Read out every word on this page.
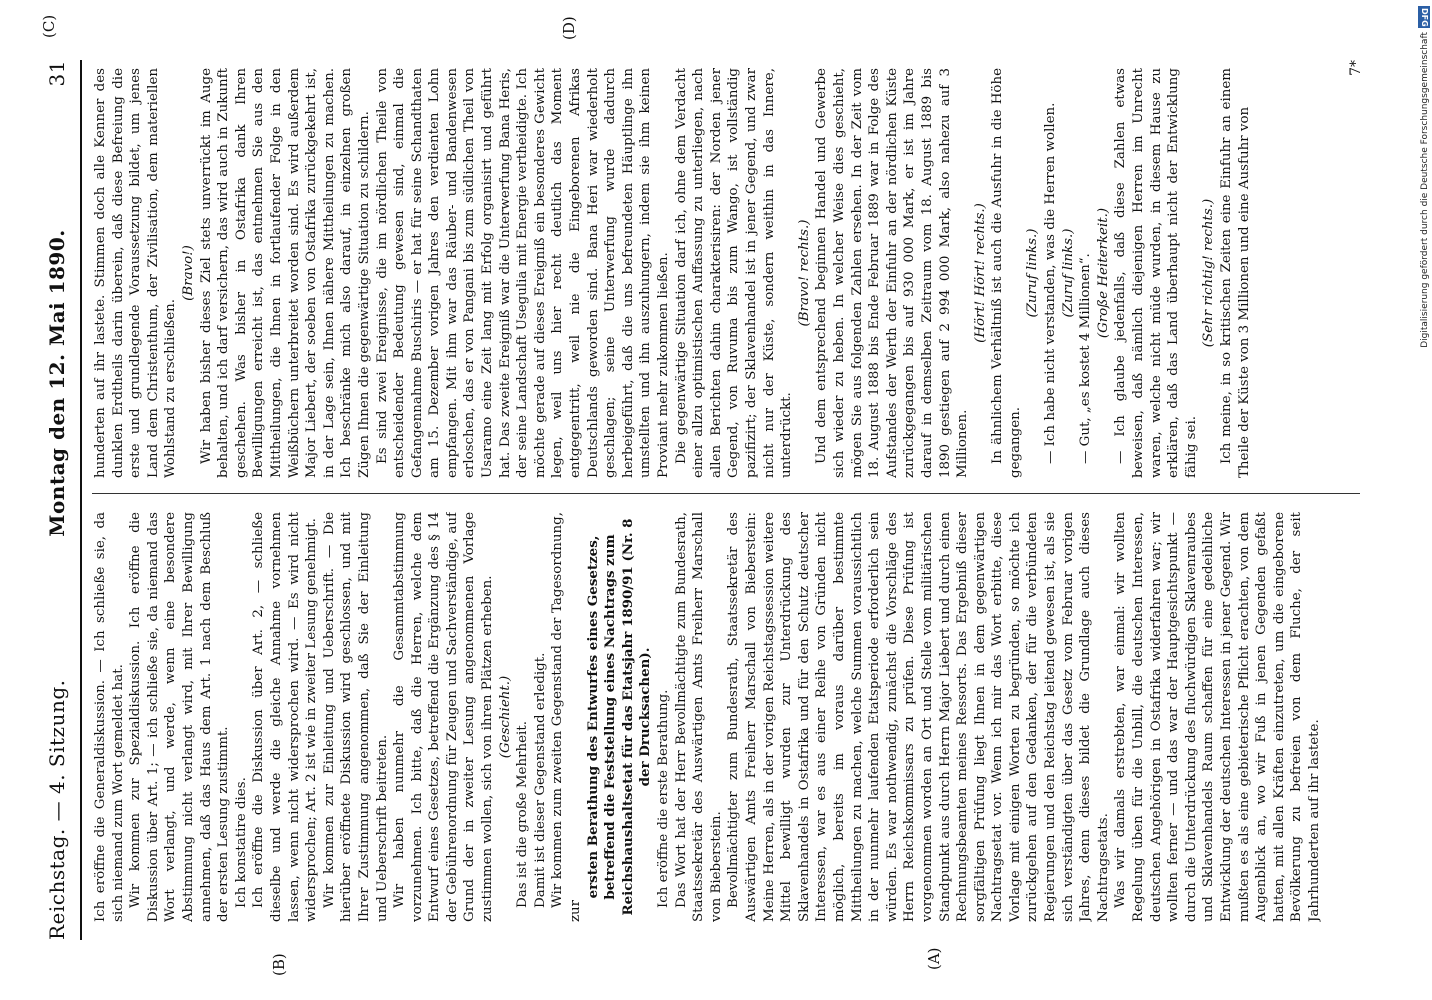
Reichstag. — 4. Sitzung.
Montag den 12. Mai 1890.
31

Ich eröffne die Generaldiskussion. — Ich schließe sie, da sich niemand zum Wort gemeldet hat. Wir kommen zur Spezialdiskussion. Ich eröffne die Diskussion über Art. 1; — ich schließe sie, da niemand das Wort verlangt, und werde, wenn eine besondere Abstimmung nicht verlangt wird, mit Ihrer Bewilligung annehmen, daß das Haus dem Art. 1 nach dem Beschluß der ersten Lesung zustimmt. Ich konstatire dies. Ich eröffne die Diskussion über Art. 2, — schließe dieselbe und werde die gleiche Annahme vornehmen lassen, wenn nicht widersprochen wird. — Es wird nicht widersprochen; Art. 2 ist wie in zweiter Lesung genehmigt. Wir kommen zur Einleitung und Ueberschrift. — Die hierüber eröffnete Diskussion wird geschlossen, und mit Ihrer Zustimmung angenommen, daß Sie der Einleitung und Ueberschrift beitreten. Wir haben nunmehr die Gesammtabstimmung vorzunehmen. Ich bitte, daß die Herren, welche dem Entwurf eines Gesetzes, betreffend die Ergänzung des § 14 der Gebührenordnung für Zeugen und Sachverständige, auf Grund der in zweiter Lesung angenommenen Vorlage zustimmen wollen, sich von ihren Plätzen erheben. (Geschieht.)

Das ist die große Mehrheit. Damit ist dieser Gegenstand erledigt. Wir kommen zum zweiten Gegenstand der Tagesordnung, zur

ersten Berathung des Entwurfes eines Gesetzes, betreffend die Feststellung eines Nachtrags zum Reichshaushaltsetat für das Etatsjahr 1890/91 (Nr. 8 der Drucksachen). Ich eröffne die erste Berathung. Das Wort hat der Herr Bevollmächtigte zum Bundesrath, Staatssekretär des Auswärtigen Amts Freiherr Marschall von Bieberstein. Bevollmächtigter zum Bundesrath, Staatssekretär des Auswärtigen Amts Freiherr Marschall von Bieberstein: Meine Herren, als in der vorigen Reichstagssession weitere Mittel bewilligt wurden zur Unterdrückung des Sklavenhandels in Ostafrika und für den Schutz deutscher Interessen, war es aus einer Reihe von Gründen nicht möglich, bereits im voraus darüber bestimmte Mittheilungen zu machen, welche Summen voraussichtlich in der nunmehr laufenden Etatsperiode erforderlich sein würden. Es war nothwendig, zunächst die Vorschläge des Herrn Reichskommissars zu prüfen. Diese Prüfung ist vorgenommen worden an Ort und Stelle vom militärischen Standpunkt aus durch Herrn Major Liebert und durch einen Rechnungsbeamten meines Ressorts. Das Ergebniß dieser sorgfältigen Prüfung liegt Ihnen in dem gegenwärtigen Nachtragsetat vor. Wenn ich mir das Wort erbitte, diese Vorlage mit einigen Worten zu begründen, so möchte ich zurückgehen auf den Gedanken, der für die verbündeten Regierungen und den Reichstag leitend gewesen ist, als sie sich verständigten über das Gesetz vom Februar vorigen Jahres, denn dieses bildet die Grundlage auch dieses Nachtragsetats. Was wir damals erstrebten, war einmal: wir wollten Regelung üben für die Unbill, die deutschen Interessen, deutschen Angehörigen in Ostafrika widerfahren war; wir wollten ferner — und das war der Hauptgesichtspunkt — durch die Unterdrückung des fluchwürdigen Sklavenraubes und Sklavenhandels Raum schaffen für eine gedeihliche Entwicklung der deutschen Interessen in jener Gegend. Wir mußten es als eine gebieterische Pflicht erachten, von dem Augenblick an, wo wir Fuß in jenen Gegenden gefaßt hatten, mit allen Kräften einzutreten, um die eingeborene Bevölkerung zu befreien von dem Fluche, der seit Jahrhunderten auf ihr lastete.

hunderten auf ihr lastete. Stimmen doch alle Kenner des dunklen Erdtheils darin überein, daß diese Befreiung die erste und grundlegende Voraussetzung bildet, um jenes Land dem Christenthum, der Zivilisation, dem materiellen Wohlstand zu erschließen.

(Bravo!) Wir haben bisher dieses Ziel stets unverrückt im Auge behalten, und ich darf versichern, das wird auch in Zukunft geschehen. Was bisher in Ostafrika dank Ihren Bewilligungen erreicht ist, das entnehmen Sie aus den Mittheilungen, die Ihnen in fortlaufender Folge in den Weißbüchern unterbreitet worden sind. Es wird außerdem Major Liebert, der soeben von Ostafrika zurückgekehrt ist, in der Lage sein, Ihnen nähere Mittheilungen zu machen. Ich beschränke mich also darauf, in einzelnen großen Zügen Ihnen die gegenwärtige Situation zu schildern. Es sind zwei Ereignisse, die im nördlichen Theile von entscheidender Bedeutung gewesen sind, einmal die Gefangennahme Buschiris — er hat für seine Schandthaten am 15. Dezember vorigen Jahres den verdienten Lohn empfangen. Mit ihm war das Räuber- und Bandenwesen erloschen, das er von Pangani bis zum südlichen Theil von Usaramo eine Zeit lang mit Erfolg organisirt und geführt hat. Das zweite Ereigniß war die Unterwerfung Bana Heris, der seine Landschaft Usegulia mit Energie vertheidigte. Ich möchte gerade auf dieses Ereigniß ein besonderes Gewicht legen, weil uns hier recht deutlich das Moment entgegentritt, weil nie die Eingeborenen Afrikas Deutschlands geworden sind. Bana Heri war wiederholt geschlagen; seine Unterwerfung wurde dadurch herbeigeführt, daß die uns befreundeten Häuptlinge ihn umstellten und ihn auszuhungern, indem sie ihm keinen Proviant mehr zukommen ließen. Die gegenwärtige Situation darf ich, ohne dem Verdacht einer allzu optimistischen Auffassung zu unterliegen, nach allen Berichten dahin charakterisiren: der Norden jener Gegend, von Ruvuma bis zum Wango, ist vollständig pazifizirt; der Sklavenhandel ist in jener Gegend, und zwar nicht nur der Küste, sondern weithin in das Innere, unterdrückt.

(Bravo! rechts.) Und dem entsprechend beginnen Handel und Gewerbe sich wieder zu heben. In welcher Weise dies geschieht, mögen Sie aus folgenden Zahlen ersehen. In der Zeit vom 18. August 1888 bis Ende Februar 1889 war in Folge des Aufstandes der Werth der Einfuhr an der nördlichen Küste zurückgegangen bis auf 930 000 Mark, er ist im Jahre darauf in demselben Zeitraum vom 18. August 1889 bis 1890 gestiegen auf 2 994 000 Mark, also nahezu auf 3 Millionen.

(Hört! Hört! rechts.) In ähnlichem Verhältniß ist auch die Ausfuhr in die Höhe gegangen.

(Zuruf links.) — Ich habe nicht verstanden, was die Herren wollen. (Zuruf links.) — Gut, „es kostet 4 Millionen“. (Große Heiterkeit.) — Ich glaube jedenfalls, daß diese Zahlen etwas beweisen, daß nämlich diejenigen Herren im Unrecht waren, welche nicht müde wurden, in diesem Hause zu erklären, daß das Land überhaupt nicht der Entwicklung fähig sei.

(Sehr richtig! rechts.) Ich meine, in so kritischen Zeiten eine Einfuhr an einem Theile der Küste von 3 Millionen und eine Ausfuhr von

(A)
(B)
(C)	(D)
7*
DFG
Digitalisierung gefördert durch die Deutsche Forschungsgemeinschaft
